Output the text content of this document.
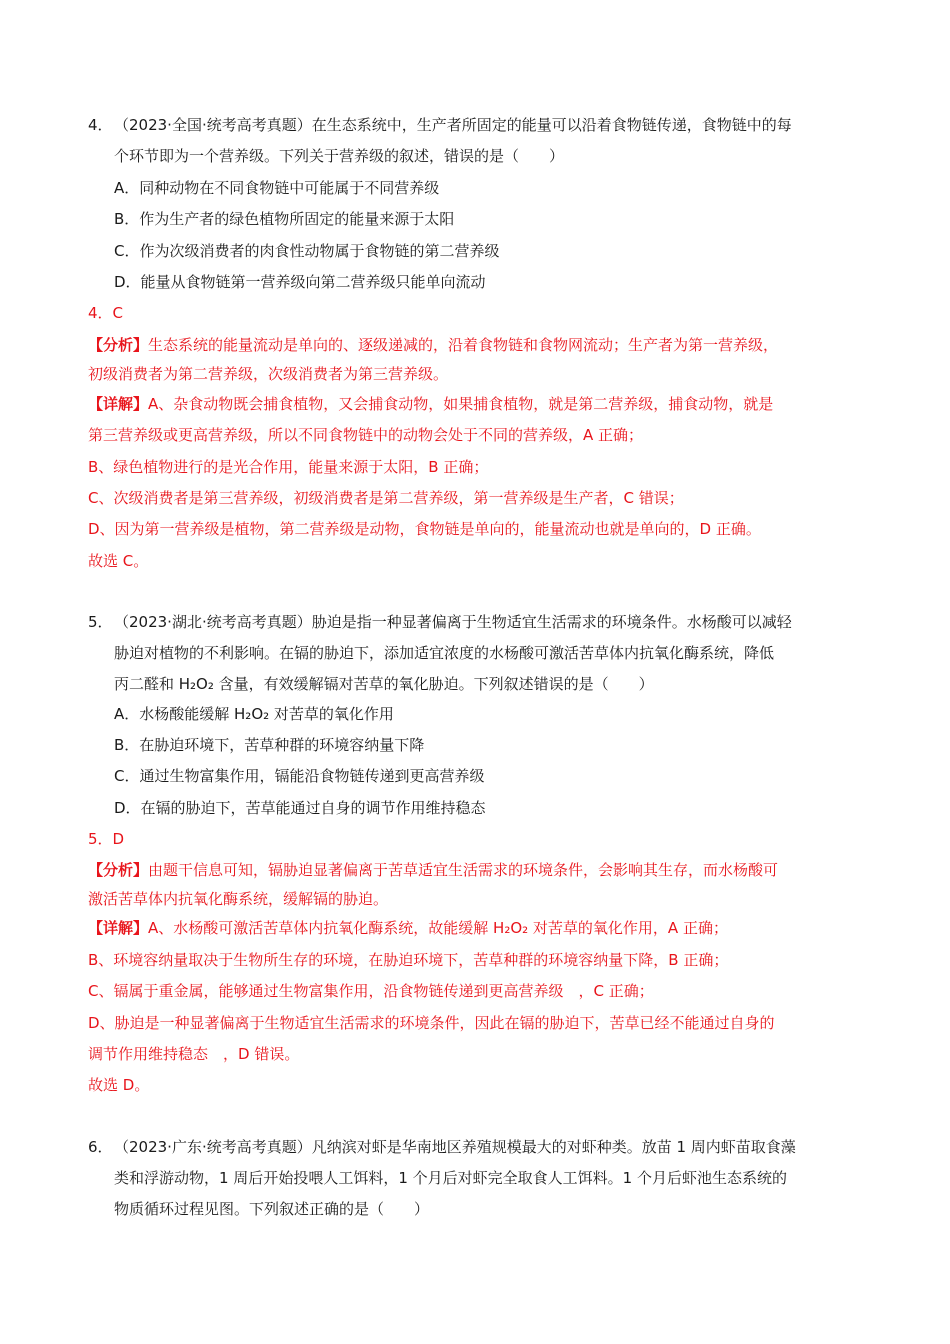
4． （2023·全国·统考高考真题）在生态系统中，生产者所固定的能量可以沿着食物链传递，食物链中的每
个环节即为一个营养级。下列关于营养级的叙述，错误的是（　　）
A．同种动物在不同食物链中可能属于不同营养级
B．作为生产者的绿色植物所固定的能量来源于太阳
C．作为次级消费者的肉食性动物属于食物链的第二营养级
D．能量从食物链第一营养级向第二营养级只能单向流动
4．C
【分析】生态系统的能量流动是单向的、逐级递减的，沿着食物链和食物网流动；生产者为第一营养级，
初级消费者为第二营养级，次级消费者为第三营养级。
【详解】A、杂食动物既会捕食植物，又会捕食动物，如果捕食植物，就是第二营养级，捕食动物，就是
第三营养级或更高营养级，所以不同食物链中的动物会处于不同的营养级，A 正确；
B、绿色植物进行的是光合作用，能量来源于太阳，B 正确；
C、次级消费者是第三营养级，初级消费者是第二营养级，第一营养级是生产者，C 错误；
D、因为第一营养级是植物，第二营养级是动物，食物链是单向的，能量流动也就是单向的，D 正确。
故选 C。
5． （2023·湖北·统考高考真题）胁迫是指一种显著偏离于生物适宜生活需求的环境条件。水杨酸可以减轻
胁迫对植物的不利影响。在镉的胁迫下，添加适宜浓度的水杨酸可激活苦草体内抗氧化酶系统，降低
丙二醛和 H₂O₂ 含量，有效缓解镉对苦草的氧化胁迫。下列叙述错误的是（　　）
A．水杨酸能缓解 H₂O₂ 对苦草的氧化作用
B．在胁迫环境下，苦草种群的环境容纳量下降
C．通过生物富集作用，镉能沿食物链传递到更高营养级
D．在镉的胁迫下，苦草能通过自身的调节作用维持稳态
5．D
【分析】由题干信息可知，镉胁迫显著偏离于苦草适宜生活需求的环境条件，会影响其生存，而水杨酸可
激活苦草体内抗氧化酶系统，缓解镉的胁迫。
【详解】A、水杨酸可激活苦草体内抗氧化酶系统，故能缓解 H₂O₂ 对苦草的氧化作用，A 正确；
B、环境容纳量取决于生物所生存的环境，在胁迫环境下，苦草种群的环境容纳量下降，B 正确；
C、镉属于重金属，能够通过生物富集作用，沿食物链传递到更高营养级　，C 正确；
D、胁迫是一种显著偏离于生物适宜生活需求的环境条件，因此在镉的胁迫下，苦草已经不能通过自身的
调节作用维持稳态　，D 错误。
故选 D。
6． （2023·广东·统考高考真题）凡纳滨对虾是华南地区养殖规模最大的对虾种类。放苗 1 周内虾苗取食藻
类和浮游动物，1 周后开始投喂人工饵料，1 个月后对虾完全取食人工饵料。1 个月后虾池生态系统的
物质循环过程见图。下列叙述正确的是（　　）
